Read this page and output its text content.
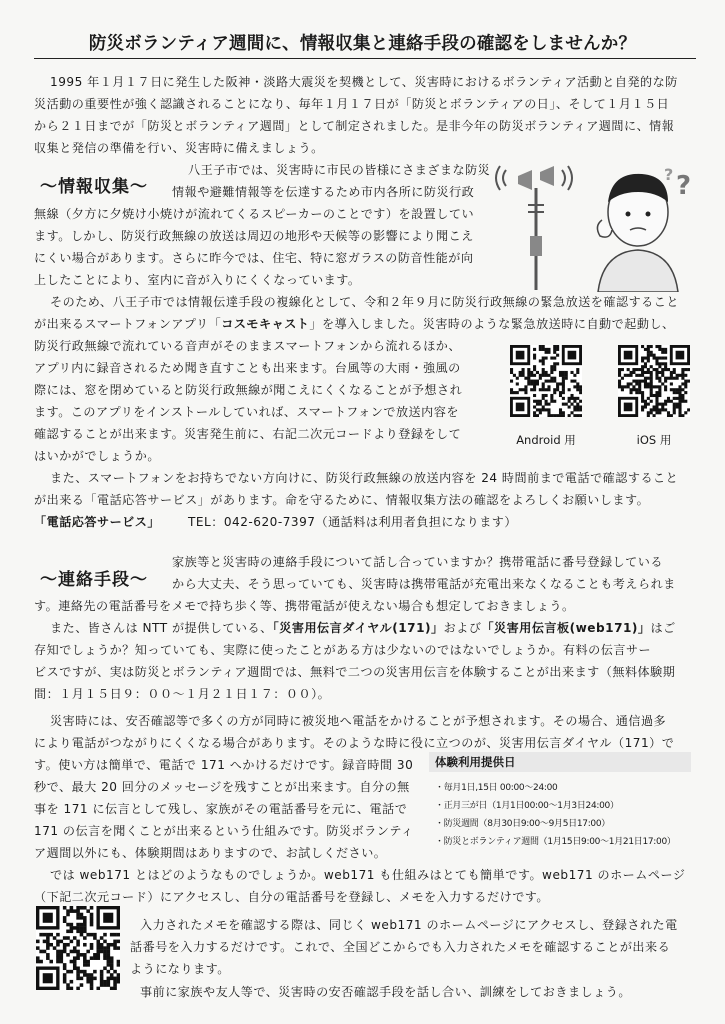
防災ボランティア週間に、情報収集と連絡手段の確認をしませんか？
1995 年１月１７日に発生した阪神・淡路大震災を契機として、災害時におけるボランティア活動と自発的な防
災活動の重要性が強く認識されることになり、毎年１月１７日が「防災とボランティアの日」、そして１月１５日
から２１日までが「防災とボランティア週間」として制定されました。是非今年の防災ボランティア週間に、情報
収集と発信の準備を行い、災害時に備えましょう。
～情報収集～
八王子市では、災害時に市民の皆様にさまざまな防災
情報や避難情報等を伝達するため市内各所に防災行政
無線（夕方に夕焼け小焼けが流れてくるスピーカーのことです）を設置してい
ます。しかし、防災行政無線の放送は周辺の地形や天候等の影響により聞こえ
にくい場合があります。さらに昨今では、住宅、特に窓ガラスの防音性能が向
上したことにより、室内に音が入りにくくなっています。
?
?
そのため、八王子市では情報伝達手段の複線化として、令和２年９月に防災行政無線の緊急放送を確認すること
が出来るスマートフォンアプリ「コスモキャスト」を導入しました。災害時のような緊急放送時に自動で起動し、
防災行政無線で流れている音声がそのままスマートフォンから流れるほか、
アプリ内に録音されるため聞き直すことも出来ます。台風等の大雨・強風の
際には、窓を閉めていると防災行政無線が聞こえにくくなることが予想され
ます。このアプリをインストールしていれば、スマートフォンで放送内容を
確認することが出来ます。災害発生前に、右記二次元コードより登録をして
はいかがでしょうか。
Android 用	iOS 用
また、スマートフォンをお持ちでない方向けに、防災行政無線の放送内容を 24 時間前まで電話で確認すること
が出来る「電話応答サービス」があります。命を守るために、情報収集方法の確認をよろしくお願いします。
「電話応答サービス」 TEL：042-620-7397（通話料は利用者負担になります）
～連絡手段～
家族等と災害時の連絡手段について話し合っていますか？携帯電話に番号登録している
から大丈夫、そう思っていても、災害時は携帯電話が充電出来なくなることも考えられま
す。連絡先の電話番号をメモで持ち歩く等、携帯電話が使えない場合も想定しておきましょう。
また、皆さんは NTT が提供している、「災害用伝言ダイヤル(171)」および「災害用伝言板(web171)」はご
存知でしょうか？知っていても、実際に使ったことがある方は少ないのではないでしょうか。有料の伝言サー
ビスですが、実は防災とボランティア週間では、無料で二つの災害用伝言を体験することが出来ます（無料体験期
間：１月１５日９：００～１月２１日１７：００）。
災害時には、安否確認等で多くの方が同時に被災地へ電話をかけることが予想されます。その場合、通信過多
により電話がつながりにくくなる場合があります。そのような時に役に立つのが、災害用伝言ダイヤル（171）で
す。使い方は簡単で、電話で 171 へかけるだけです。録音時間 30
秒で、最大 20 回分のメッセージを残すことが出来ます。自分の無
事を 171 に伝言として残し、家族がその電話番号を元に、電話で
171 の伝言を聞くことが出来るという仕組みです。防災ボランティ
ア週間以外にも、体験期間はありますので、お試しください。
体験利用提供日
・毎月1日,15日 00:00～24:00
・正月三が日（1月1日00:00～1月3日24:00）
・防災週間（8月30日9:00～9月5日17:00）
・防災とボランティア週間（1月15日9:00～1月21日17:00）
では web171 とはどのようなものでしょうか。web171 も仕組みはとても簡単です。web171 のホームページ
（下記二次元コード）にアクセスし、自分の電話番号を登録し、メモを入力するだけです。
入力されたメモを確認する際は、同じく web171 のホームページにアクセスし、登録された電
話番号を入力するだけです。これで、全国どこからでも入力されたメモを確認することが出来る
ようになります。
事前に家族や友人等で、災害時の安否確認手段を話し合い、訓練をしておきましょう。
